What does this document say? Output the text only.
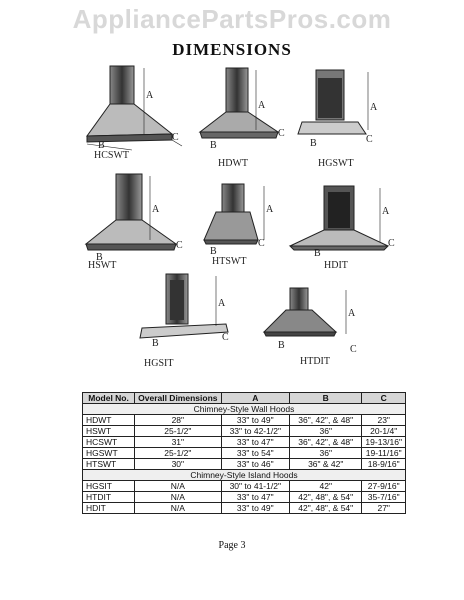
AppliancePartsPros.com
DIMENSIONS
A
B
C
HCSWT
A
B
C
HDWT
A
B	C
HGSWT
A
B
C
HSWT
A
B
C
HTSWT
A
B
C
HDIT
A
B
C
HGSIT
A
B	C
HTDIT
Model No.	Overall Dimensions	A	B	C
Chimney-Style Wall Hoods				
HDWT	28"	33" to 49"	36", 42", & 48"	23"
HSWT	25-1/2"	33" to 42-1/2"	36"	20-1/4"
HCSWT	31"	33" to 47"	36", 42", & 48"	19-13/16"
HGSWT	25-1/2"	33" to 54"	36"	19-11/16"
HTSWT	30"	33" to 46"	36" & 42"	18-9/16"
Chimney-Style Island Hoods				
HGSIT	N/A	30" to 41-1/2"	42"	27-9/16"
HTDIT	N/A	33" to 47"	42", 48", & 54"	35-7/16"
HDIT	N/A	33" to 49"	42", 48", & 54"	27"
Page 3
